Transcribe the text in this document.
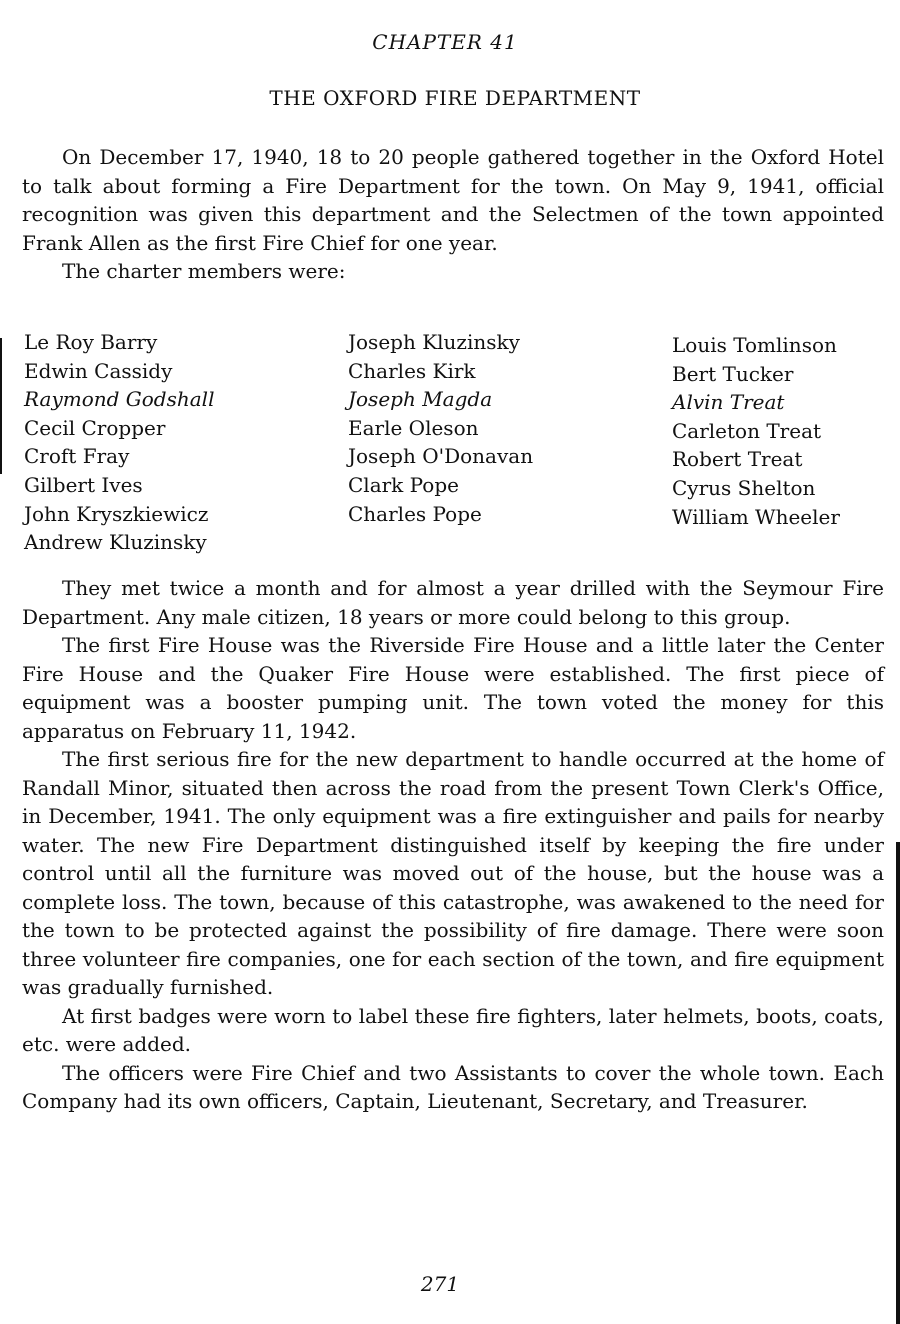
CHAPTER 41
THE OXFORD FIRE DEPARTMENT

On December 17, 1940, 18 to 20 people gathered together in the Oxford Hotel to talk about forming a Fire Department for the town. On May 9, 1941, official recognition was given this department and the Selectmen of the town appointed Frank Allen as the first Fire Chief for one year.

The charter members were:

Le Roy Barry
Edwin Cassidy
Raymond Godshall
Cecil Cropper
Croft Fray
Gilbert Ives
John Kryszkiewicz
Andrew Kluzinsky
Joseph Kluzinsky
Charles Kirk
Joseph Magda
Earle Oleson
Joseph O'Donavan
Clark Pope
Charles Pope
Louis Tomlinson
Bert Tucker
Alvin Treat
Carleton Treat
Robert Treat
Cyrus Shelton
William Wheeler

They met twice a month and for almost a year drilled with the Seymour Fire Department. Any male citizen, 18 years or more could belong to this group.

The first Fire House was the Riverside Fire House and a little later the Center Fire House and the Quaker Fire House were established. The first piece of equipment was a booster pumping unit. The town voted the money for this apparatus on February 11, 1942.

The first serious fire for the new department to handle occurred at the home of Randall Minor, situated then across the road from the present Town Clerk's Office, in December, 1941. The only equipment was a fire extinguisher and pails for nearby water. The new Fire Department distinguished itself by keeping the fire under control until all the furniture was moved out of the house, but the house was a complete loss. The town, because of this catastrophe, was awakened to the need for the town to be protected against the possibility of fire damage. There were soon three volunteer fire companies, one for each section of the town, and fire equipment was gradually furnished.

At first badges were worn to label these fire fighters, later helmets, boots, coats, etc. were added.

The officers were Fire Chief and two Assistants to cover the whole town. Each Company had its own officers, Captain, Lieutenant, Secretary, and Treasurer.

271
